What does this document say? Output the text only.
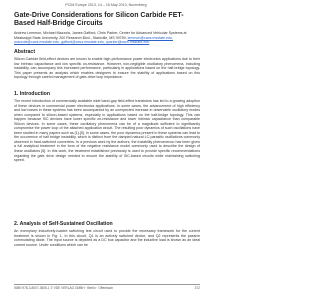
PCIM Europe 2013, 14 – 16 May 2013, Nuremberg
Gate-Drive Considerations for Silicon Carbide FET-Based Half-Bridge Circuits
Andrew Lemmon, Michael Mazzola, James Gafford, Chris Parker, Center for Advanced Vehicular Systems at Mississippi State University, 200 Research Blvd., Starkville, MS 39759, lemmon@cavs.msstate.edu, mazzola@cavs.msstate.edu, gafford@cavs.msstate.edu, cparker@cavs.msstate.edu
Abstract
Silicon Carbide field-effect devices are known to enable high-performance power electronics applications due to their low intrinsic capacitance and low specific on-resistance. However, non-negligible oscillatory phenomena, including instability, can accompany this increased performance, particularly in applications based on the half-bridge topology. This paper presents an analysis which enables designers to ensure the stability of applications based on this topology through careful management of gate-drive loop impedance.
1. Introduction
The recent introduction of commercially available wide band-gap field-effect transistors has led to a growing adoption of these devices in commercial power electronics applications. In some cases, the advancement of high efficiency and low losses in these systems has been accompanied by an unexpected increase in observable oscillatory modes when compared to silicon-based systems, especially in applications based on the half-bridge topology. This can happen because SiC devices have lower specific on-resistance and lower intrinsic capacitance than comparable Silicon devices. In some cases, these oscillatory phenomena can be of a magnitude sufficient to significantly compromise the power loop of the attached application circuit. The resulting poor dynamics of such oscillations have been studied in many papers such as [1]-[5]. In some cases, the poor dynamics present in these systems can lead to the occurrence of half bridge instability, which is distinct from the damped natural LC-parasitic oscillations commonly observed in hard-switched converters. In a previous work by the authors, the instability phenomenon has been given a full analytical treatment in the form of the negative resistance model commonly used to describe the design of linear oscillators [6]. In this work, the treatment established previously is used to provide specific recommendations regarding the gate drive design needed to ensure the stability of SiC-based circuits while maintaining switching speed.
2. Analysis of Self-Sustained Oscillation
An exemplary inductively-loaded switching test circuit used to provide the necessary framework for the current treatment is shown in Fig. 1. In this circuit, Q1 is an actively switched device, and Q2 represents the passive commutating diode. The input source is depicted as a DC bus capacitor and the inductive load is shown as an ideal current source. Under conditions which can be
ISBN 978-3-8007-3505-1 © VDE VERLAG GMBH · Berlin · Offenbach	372
